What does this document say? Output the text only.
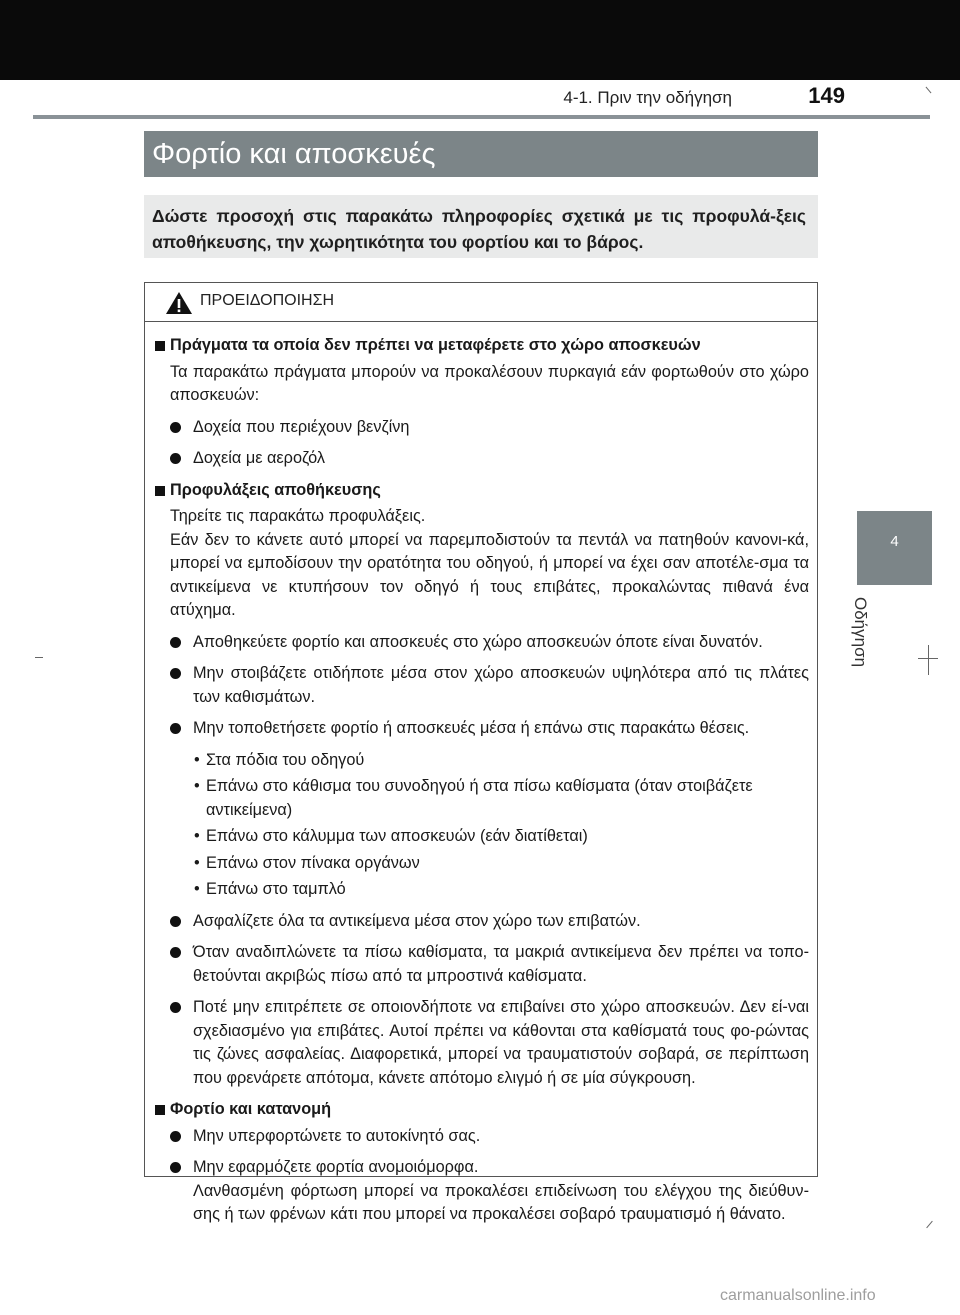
4-1. Πριν την οδήγηση	149
4
Οδήγηση
Φορτίο και αποσκευές
Δώστε προσοχή στις παρακάτω πληροφορίες σχετικά με τις προφυλά-ξεις αποθήκευσης, την χωρητικότητα του φορτίου και το βάρος.
ΠΡΟΕΙΔΟΠΟΙΗΣΗ
Πράγματα τα οποία δεν πρέπει να μεταφέρετε στο χώρο αποσκευών
Τα παρακάτω πράγματα μπορούν να προκαλέσουν πυρκαγιά εάν φορτωθούν στο χώρο αποσκευών:
Δοχεία που περιέχουν βενζίνη
Δοχεία με αεροζόλ
Προφυλάξεις αποθήκευσης
Τηρείτε τις παρακάτω προφυλάξεις.
Εάν δεν το κάνετε αυτό μπορεί να παρεμποδιστούν τα πεντάλ να πατηθούν κανονι-κά, μπορεί να εμποδίσουν την ορατότητα του οδηγού, ή μπορεί να έχει σαν αποτέλε-σμα τα αντικείμενα νε κτυπήσουν τον οδηγό ή τους επιβάτες, προκαλώντας πιθανά ένα ατύχημα.
Αποθηκεύετε φορτίο και αποσκευές στο χώρο αποσκευών όποτε είναι δυνατόν.
Μην στοιβάζετε οτιδήποτε μέσα στον χώρο αποσκευών υψηλότερα από τις πλάτες των καθισμάτων.
Μην τοποθετήσετε φορτίο ή αποσκευές μέσα ή επάνω στις παρακάτω θέσεις.
• Στα πόδια του οδηγού
• Επάνω στο κάθισμα του συνοδηγού ή στα πίσω καθίσματα (όταν στοιβάζετε αντικείμενα)
• Επάνω στο κάλυμμα των αποσκευών (εάν διατίθεται)
• Επάνω στον πίνακα οργάνων
• Επάνω στο ταμπλό
Ασφαλίζετε όλα τα αντικείμενα μέσα στον χώρο των επιβατών.
Όταν αναδιπλώνετε τα πίσω καθίσματα, τα μακριά αντικείμενα δεν πρέπει να τοπο-θετούνται ακριβώς πίσω από τα μπροστινά καθίσματα.
Ποτέ μην επιτρέπετε σε οποιονδήποτε να επιβαίνει στο χώρο αποσκευών. Δεν εί-ναι σχεδιασμένο για επιβάτες. Αυτοί πρέπει να κάθονται στα καθίσματά τους φο-ρώντας τις ζώνες ασφαλείας. Διαφορετικά, μπορεί να τραυματιστούν σοβαρά, σε περίπτωση που φρενάρετε απότομα, κάνετε απότομο ελιγμό ή σε μία σύγκρουση.
Φορτίο και κατανομή
Μην υπερφορτώνετε το αυτοκίνητό σας.
Μην εφαρμόζετε φορτία ανομοιόμορφα.
Λανθασμένη φόρτωση μπορεί να προκαλέσει επιδείνωση του ελέγχου της διεύθυν-σης ή των φρένων κάτι που μπορεί να προκαλέσει σοβαρό τραυματισμό ή θάνατο.
carmanualsonline.info
